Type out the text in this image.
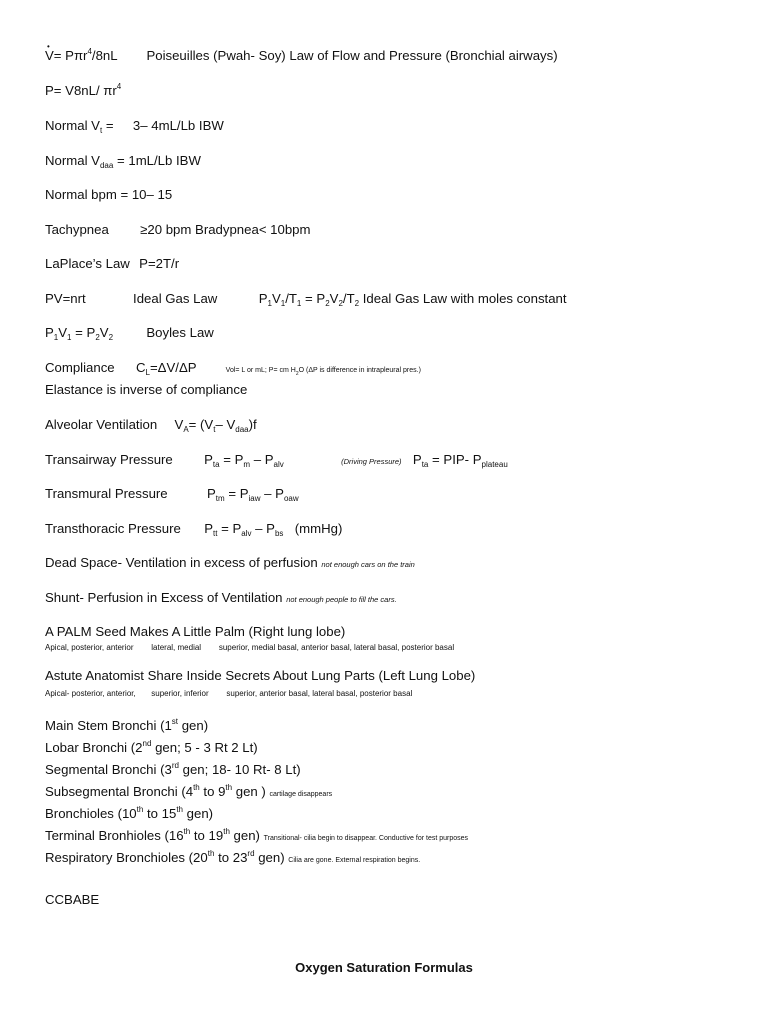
• V= Pπr$^4$/8nL Poiseuilles (Pwah- Soy) Law of Flow and Pressure (Bronchial airways)
P= V8nL/ $\pi r^4$
Normal $V_t = 3-$ 4mL/Lb IBW
Normal $V_{daa} = 1mL/Lb$ IBW
Normal bpm = 10– 15
Tachypnea ≥20 bpm Bradypnea< 10bpm
LaPlace’s Law P=2T/r
PV=nrt	Ideal Gas Law	$P_1V_1/T_1 = P_2V_2/T_2$ Ideal Gas Law with moles constant
$P_1V_1 = P_2V_2$	Boyles Law
Compliance $C_L=\Delta V/\Delta P$	Vol= L or mL; P= cm $H_2O$ (ΔP is difference in intrapleural pres.)
Elastance is inverse of compliance
Alveolar Ventilation $V_A= (V_t-$ $V_{daa})f$
Transairway Pressure $P_{ta} = P_m - P_{alv}$	(Driving Pressure) $P_{ta} = PIP-$ $P_{plateau}$
Transmural Pressure	$P_{tm} = P_{iaw} - P_{oaw}$
Transthoracic Pressure $P_{tt} = P_{alv} - P_{bs}$ (mmHg)
Dead Space- Ventilation in excess of perfusion not enough cars on the train
Shunt- Perfusion in Excess of Ventilation not enough people to fill the cars.
A PALM Seed Makes A Little Palm (Right lung lobe)
Apical, posterior, anterior        lateral, medial        superior, medial basal, anterior basal, lateral basal, posterior basal
Astute Anatomist Share Inside Secrets About Lung Parts (Left Lung Lobe)
Apical- posterior, anterior,       superior, inferior        superior, anterior basal, lateral basal, posterior basal
Main Stem Bronchi (1st gen)
Lobar Bronchi (2nd gen; 5 - 3 Rt 2 Lt)
Segmental Bronchi (3rd gen; 18- 10 Rt- 8 Lt)
Subsegmental Bronchi (4th to 9th gen ) cartilage disappears
Bronchioles (10th to 15th gen)
Terminal Bronhioles (16th to 19th gen) Transitional- cilia begin to disappear. Conductive for test purposes
Respiratory Bronchioles (20th to 23rd gen) Cilia are gone. External respiration begins.
CCBABE
Oxygen Saturation Formulas
